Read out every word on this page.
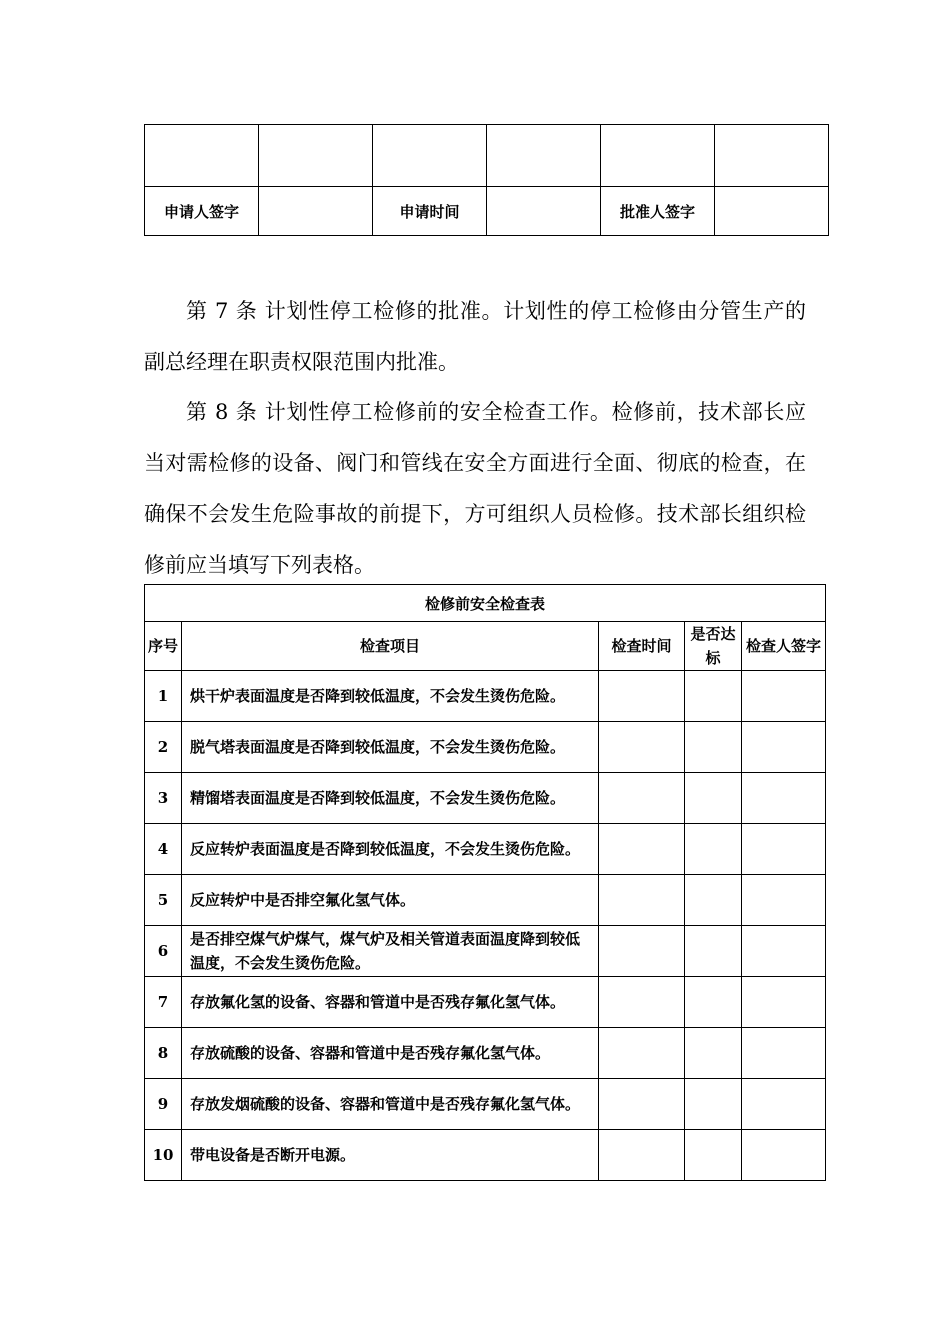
申请人签字		申请时间		批准人签字	

第 7 条 计划性停工检修的批准。计划性的停工检修由分管生产的副总经理在职责权限范围内批准。

第 8 条 计划性停工检修前的安全检查工作。检修前，技术部长应当对需检修的设备、阀门和管线在安全方面进行全面、彻底的检查，在确保不会发生危险事故的前提下，方可组织人员检修。技术部长组织检修前应当填写下列表格。

检修前安全检查表				
序号	检查项目	检查时间	是否达标	检查人签字
1	烘干炉表面温度是否降到较低温度，不会发生烫伤危险。			
2	脱气塔表面温度是否降到较低温度，不会发生烫伤危险。			
3	精馏塔表面温度是否降到较低温度，不会发生烫伤危险。			
4	反应转炉表面温度是否降到较低温度，不会发生烫伤危险。			
5	反应转炉中是否排空氟化氢气体。			
6	是否排空煤气炉煤气，煤气炉及相关管道表面温度降到较低温度，不会发生烫伤危险。			
7	存放氟化氢的设备、容器和管道中是否残存氟化氢气体。			
8	存放硫酸的设备、容器和管道中是否残存氟化氢气体。			
9	存放发烟硫酸的设备、容器和管道中是否残存氟化氢气体。			
10	带电设备是否断开电源。			
